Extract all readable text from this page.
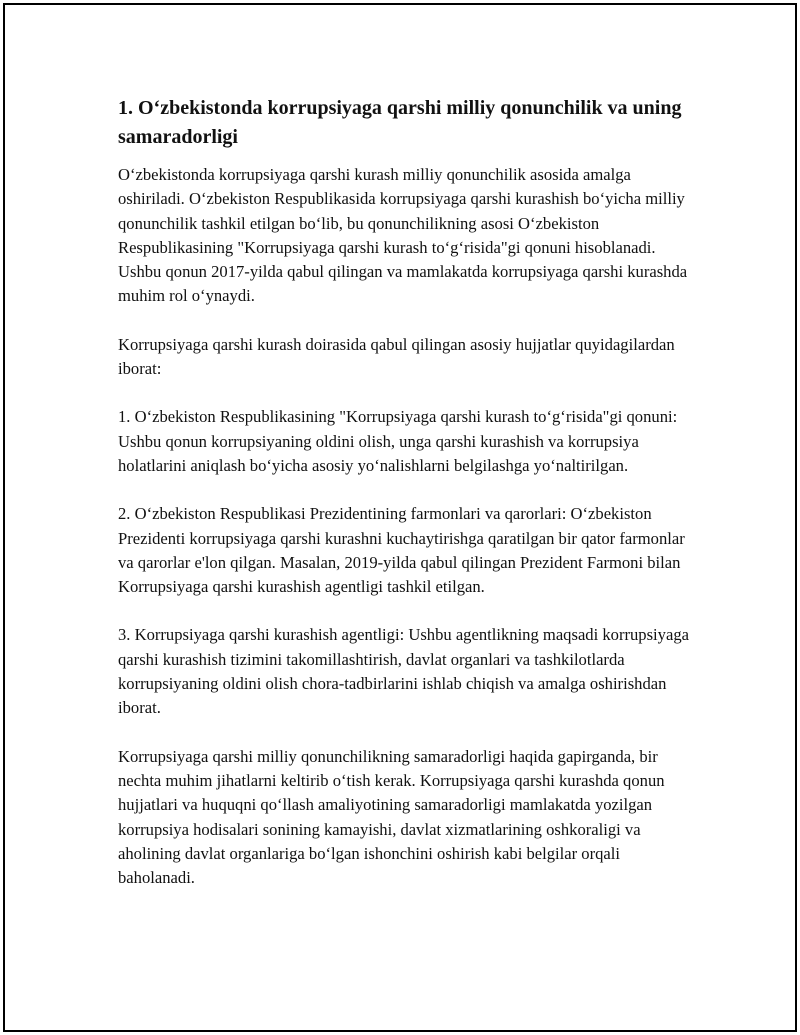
1. O‘zbekistonda korrupsiyaga qarshi milliy qonunchilik va uning samaradorligi

O‘zbekistonda korrupsiyaga qarshi kurash milliy qonunchilik asosida amalga oshiriladi. O‘zbekiston Respublikasida korrupsiyaga qarshi kurashish bo‘yicha milliy qonunchilik tashkil etilgan bo‘lib, bu qonunchilikning asosi O‘zbekiston Respublikasining "Korrupsiyaga qarshi kurash to‘g‘risida"gi qonuni hisoblanadi. Ushbu qonun 2017-yilda qabul qilingan va mamlakatda korrupsiyaga qarshi kurashda muhim rol o‘ynaydi.

Korrupsiyaga qarshi kurash doirasida qabul qilingan asosiy hujjatlar quyidagilardan iborat:

1. O‘zbekiston Respublikasining "Korrupsiyaga qarshi kurash to‘g‘risida"gi qonuni: Ushbu qonun korrupsiyaning oldini olish, unga qarshi kurashish va korrupsiya holatlarini aniqlash bo‘yicha asosiy yo‘nalishlarni belgilashga yo‘naltirilgan.

2. O‘zbekiston Respublikasi Prezidentining farmonlari va qarorlari: O‘zbekiston Prezidenti korrupsiyaga qarshi kurashni kuchaytirishga qaratilgan bir qator farmonlar va qarorlar e'lon qilgan. Masalan, 2019-yilda qabul qilingan Prezident Farmoni bilan Korrupsiyaga qarshi kurashish agentligi tashkil etilgan.

3. Korrupsiyaga qarshi kurashish agentligi: Ushbu agentlikning maqsadi korrupsiyaga qarshi kurashish tizimini takomillashtirish, davlat organlari va tashkilotlarda korrupsiyaning oldini olish chora-tadbirlarini ishlab chiqish va amalga oshirishdan iborat.

Korrupsiyaga qarshi milliy qonunchilikning samaradorligi haqida gapirganda, bir nechta muhim jihatlarni keltirib o‘tish kerak. Korrupsiyaga qarshi kurashda qonun hujjatlari va huquqni qo‘llash amaliyotining samaradorligi mamlakatda yozilgan korrupsiya hodisalari sonining kamayishi, davlat xizmatlarining oshkoraligi va aholining davlat organlariga bo‘lgan ishonchini oshirish kabi belgilar orqali baholanadi.
